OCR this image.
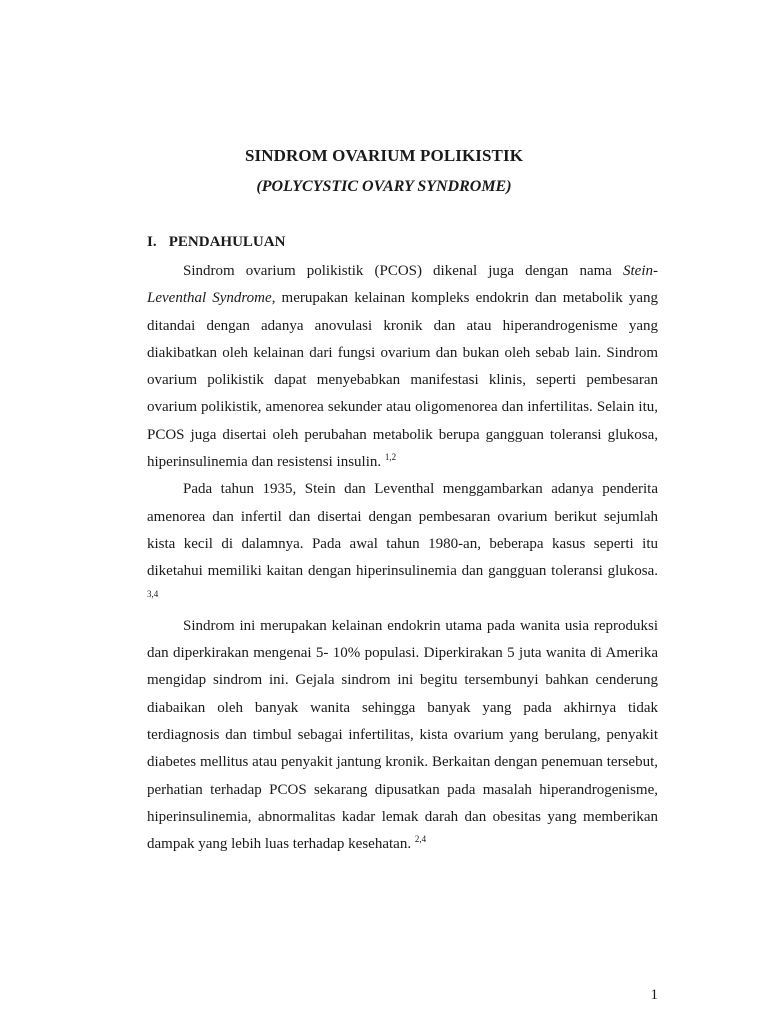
SINDROM OVARIUM POLIKISTIK
(POLYCYSTIC OVARY SYNDROME)
I. PENDAHULUAN

Sindrom ovarium polikistik (PCOS) dikenal juga dengan nama Stein-Leventhal Syndrome, merupakan kelainan kompleks endokrin dan metabolik yang ditandai dengan adanya anovulasi kronik dan atau hiperandrogenisme yang diakibatkan oleh kelainan dari fungsi ovarium dan bukan oleh sebab lain. Sindrom ovarium polikistik dapat menyebabkan manifestasi klinis, seperti pembesaran ovarium polikistik, amenorea sekunder atau oligomenorea dan infertilitas. Selain itu, PCOS juga disertai oleh perubahan metabolik berupa gangguan toleransi glukosa, hiperinsulinemia dan resistensi insulin. $^{1,2}$

Pada tahun 1935, Stein dan Leventhal menggambarkan adanya penderita amenorea dan infertil dan disertai dengan pembesaran ovarium berikut sejumlah kista kecil di dalamnya. Pada awal tahun 1980-an, beberapa kasus seperti itu diketahui memiliki kaitan dengan hiperinsulinemia dan gangguan toleransi glukosa. $^{3,4}$

Sindrom ini merupakan kelainan endokrin utama pada wanita usia reproduksi dan diperkirakan mengenai 5- 10% populasi. Diperkirakan 5 juta wanita di Amerika mengidap sindrom ini. Gejala sindrom ini begitu tersembunyi bahkan cenderung diabaikan oleh banyak wanita sehingga banyak yang pada akhirnya tidak terdiagnosis dan timbul sebagai infertilitas, kista ovarium yang berulang, penyakit diabetes mellitus atau penyakit jantung kronik. Berkaitan dengan penemuan tersebut, perhatian terhadap PCOS sekarang dipusatkan pada masalah hiperandrogenisme, hiperinsulinemia, abnormalitas kadar lemak darah dan obesitas yang memberikan dampak yang lebih luas terhadap kesehatan. $^{2,4}$

1
